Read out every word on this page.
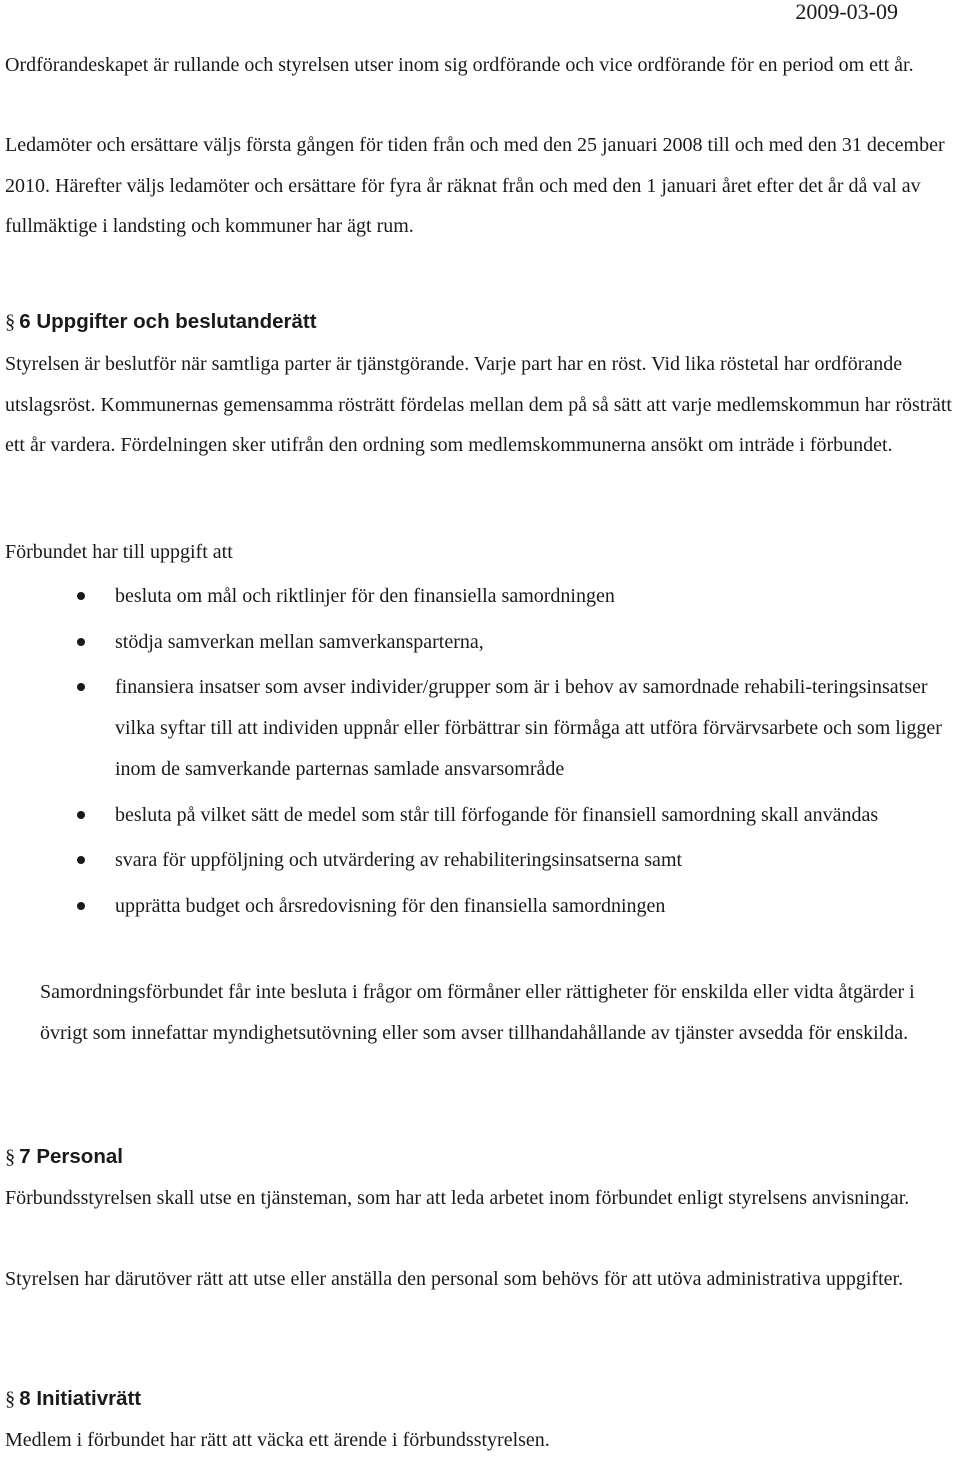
2009-03-09

Ordförandeskapet är rullande och styrelsen utser inom sig ordförande och vice ordförande för en period om ett år.

Ledamöter och ersättare väljs första gången för tiden från och med den 25 januari 2008 till och med den 31 december 2010. Härefter väljs ledamöter och ersättare för fyra år räknat från och med den 1 januari året efter det år då val av fullmäktige i landsting och kommuner har ägt rum.

§ 6 Uppgifter och beslutanderätt

Styrelsen är beslutför när samtliga parter är tjänstgörande. Varje part har en röst. Vid lika röstetal har ordförande utslagsröst. Kommunernas gemensamma rösträtt fördelas mellan dem på så sätt att varje medlemskommun har rösträtt ett år vardera. Fördelningen sker utifrån den ordning som medlemskommunerna ansökt om inträde i förbundet.

Förbundet har till uppgift att

besluta om mål och riktlinjer för den finansiella samordningen
stödja samverkan mellan samverkansparterna,
finansiera insatser som avser individer/grupper som är i behov av samordnade rehabili-teringsinsatser vilka syftar till att individen uppnår eller förbättrar sin förmåga att utföra förvärvsarbete och som ligger inom de samverkande parternas samlade ansvarsområde
besluta på vilket sätt de medel som står till förfogande för finansiell samordning skall användas
svara för uppföljning och utvärdering av rehabiliteringsinsatserna samt
upprätta budget och årsredovisning för den finansiella samordningen

Samordningsförbundet får inte besluta i frågor om förmåner eller rättigheter för enskilda eller vidta åtgärder i övrigt som innefattar myndighetsutövning eller som avser tillhandahållande av tjänster avsedda för enskilda.

§ 7 Personal

Förbundsstyrelsen skall utse en tjänsteman, som har att leda arbetet inom förbundet enligt styrelsens anvisningar.

Styrelsen har därutöver rätt att utse eller anställa den personal som behövs för att utöva administrativa uppgifter.

§ 8 Initiativrätt

Medlem i förbundet har rätt att väcka ett ärende i förbundsstyrelsen.
